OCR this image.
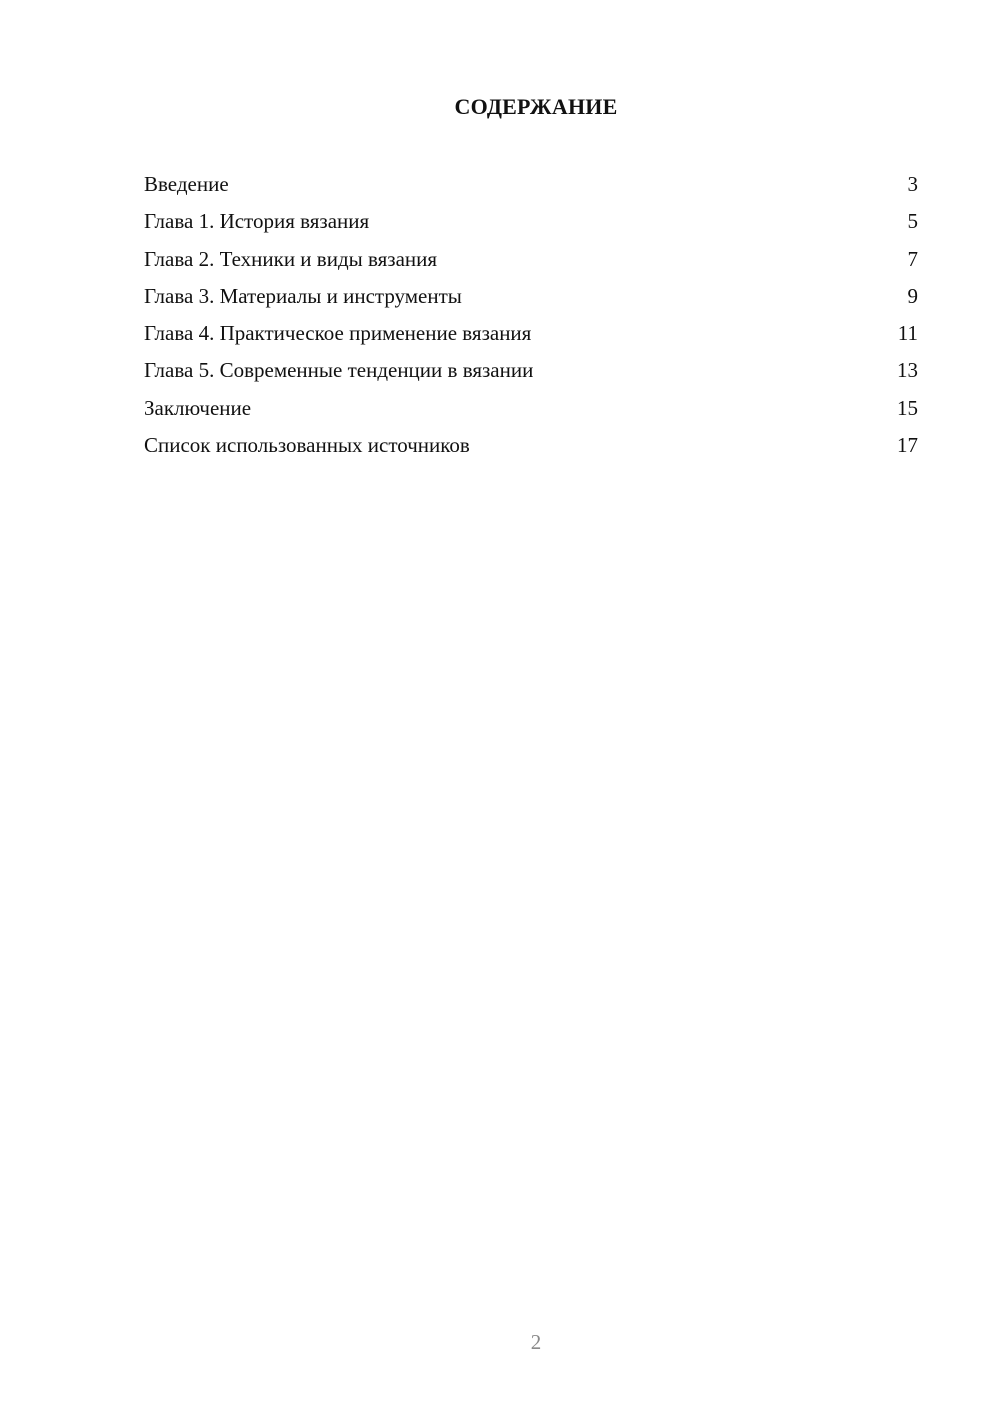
СОДЕРЖАНИЕ
Введение	3
Глава 1. История вязания	5
Глава 2. Техники и виды вязания	7
Глава 3. Материалы и инструменты	9
Глава 4. Практическое применение вязания	11
Глава 5. Современные тенденции в вязании	13
Заключение	15
Список использованных источников	17
2
